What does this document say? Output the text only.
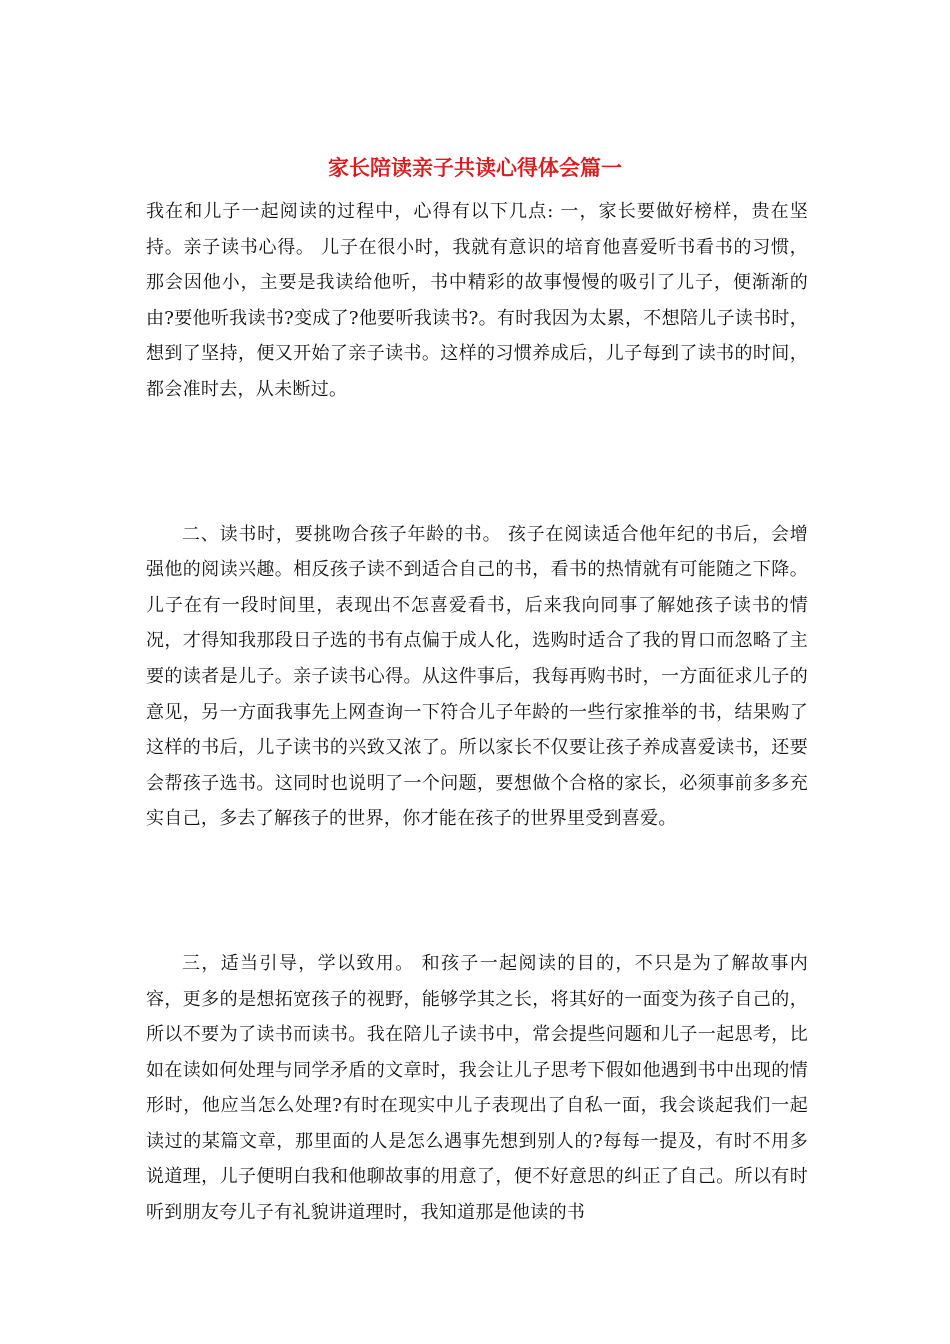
家长陪读亲子共读心得体会篇一

我在和儿子一起阅读的过程中，心得有以下几点: 一，家长要做好榜样，贵在坚持。亲子读书心得。 儿子在很小时，我就有意识的培育他喜爱听书看书的习惯，那会因他小，主要是我读给他听，书中精彩的故事慢慢的吸引了儿子，便渐渐的由?要他听我读书?变成了?他要听我读书?。有时我因为太累，不想陪儿子读书时，想到了坚持，便又开始了亲子读书。这样的习惯养成后，儿子每到了读书的时间，都会准时去，从未断过。

二、读书时，要挑吻合孩子年龄的书。 孩子在阅读适合他年纪的书后，会增强他的阅读兴趣。相反孩子读不到适合自己的书，看书的热情就有可能随之下降。儿子在有一段时间里，表现出不怎喜爱看书，后来我向同事了解她孩子读书的情况，才得知我那段日子选的书有点偏于成人化，选购时适合了我的胃口而忽略了主要的读者是儿子。亲子读书心得。从这件事后，我每再购书时，一方面征求儿子的意见，另一方面我事先上网查询一下符合儿子年龄的一些行家推举的书，结果购了这样的书后，儿子读书的兴致又浓了。所以家长不仅要让孩子养成喜爱读书，还要会帮孩子选书。这同时也说明了一个问题，要想做个合格的家长，必须事前多多充实自己，多去了解孩子的世界，你才能在孩子的世界里受到喜爱。

三，适当引导，学以致用。 和孩子一起阅读的目的，不只是为了解故事内容，更多的是想拓宽孩子的视野，能够学其之长，将其好的一面变为孩子自己的，所以不要为了读书而读书。我在陪儿子读书中，常会提些问题和儿子一起思考，比如在读如何处理与同学矛盾的文章时，我会让儿子思考下假如他遇到书中出现的情形时，他应当怎么处理?有时在现实中儿子表现出了自私一面，我会谈起我们一起读过的某篇文章，那里面的人是怎么遇事先想到别人的?每每一提及，有时不用多说道理，儿子便明白我和他聊故事的用意了，便不好意思的纠正了自己。所以有时听到朋友夸儿子有礼貌讲道理时，我知道那是他读的书
